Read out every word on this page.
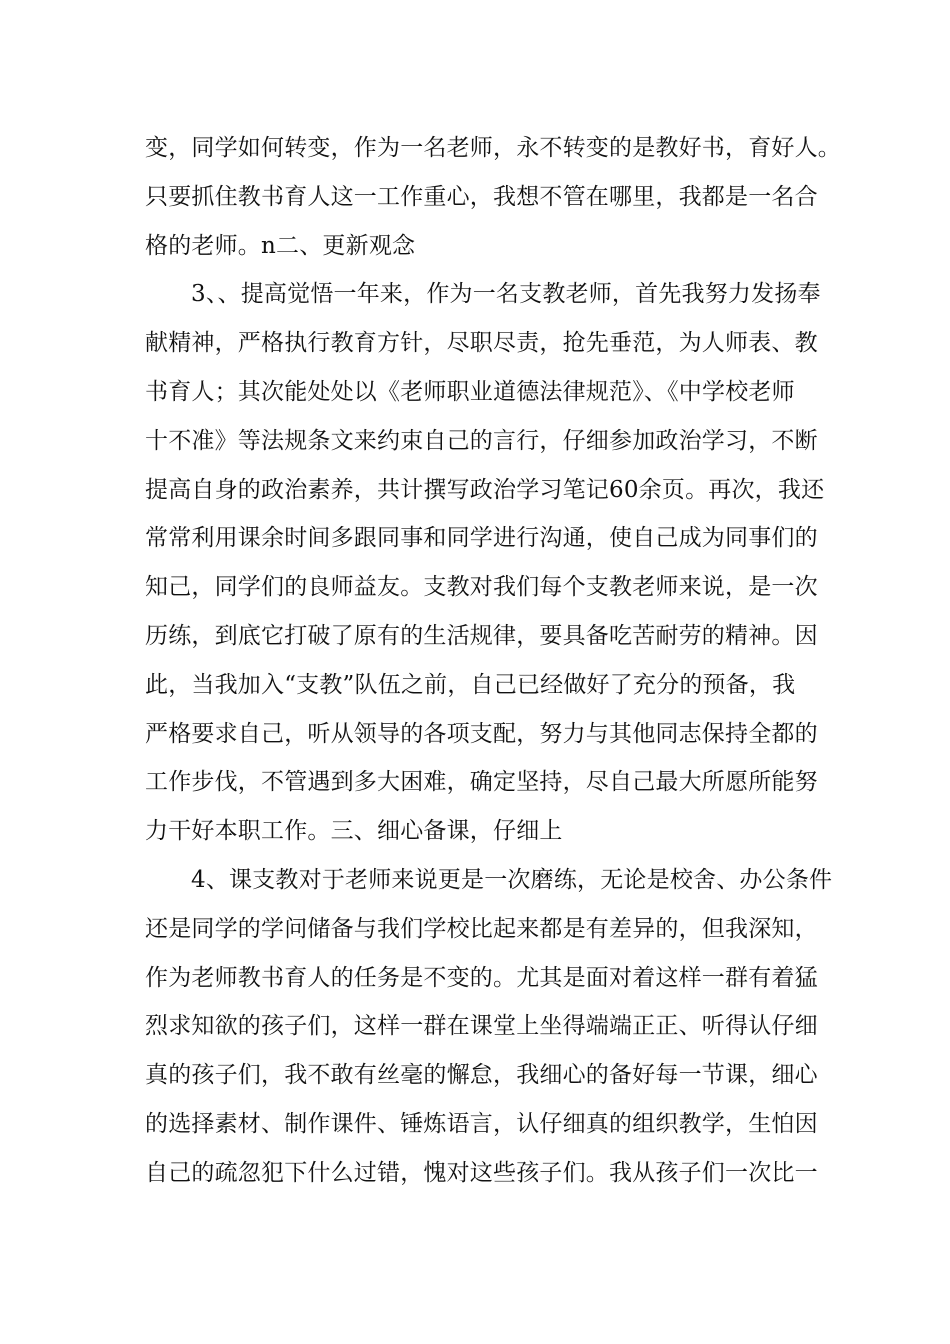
变，同学如何转变，作为一名老师，永不转变的是教好书，育好人。
只要抓住教书育人这一工作重心，我想不管在哪里，我都是一名合
格的老师。n二、更新观念
3、、提高觉悟一年来，作为一名支教老师，首先我努力发扬奉
献精神，严格执行教育方针，尽职尽责，抢先垂范，为人师表、教
书育人；其次能处处以《老师职业道德法律规范》、《中学校老师
十不准》等法规条文来约束自己的言行，仔细参加政治学习，不断
提高自身的政治素养，共计撰写政治学习笔记60余页。再次，我还
常常利用课余时间多跟同事和同学进行沟通，使自己成为同事们的
知己，同学们的良师益友。支教对我们每个支教老师来说，是一次
历练，到底它打破了原有的生活规律，要具备吃苦耐劳的精神。因
此，当我加入“支教”队伍之前，自己已经做好了充分的预备，我
严格要求自己，听从领导的各项支配，努力与其他同志保持全都的
工作步伐，不管遇到多大困难，确定坚持，尽自己最大所愿所能努
力干好本职工作。三、细心备课，仔细上
4、课支教对于老师来说更是一次磨练，无论是校舍、办公条件
还是同学的学问储备与我们学校比起来都是有差异的，但我深知，
作为老师教书育人的任务是不变的。尤其是面对着这样一群有着猛
烈求知欲的孩子们，这样一群在课堂上坐得端端正正、听得认仔细
真的孩子们，我不敢有丝毫的懈怠，我细心的备好每一节课，细心
的选择素材、制作课件、锤炼语言，认仔细真的组织教学，生怕因
自己的疏忽犯下什么过错，愧对这些孩子们。我从孩子们一次比一
